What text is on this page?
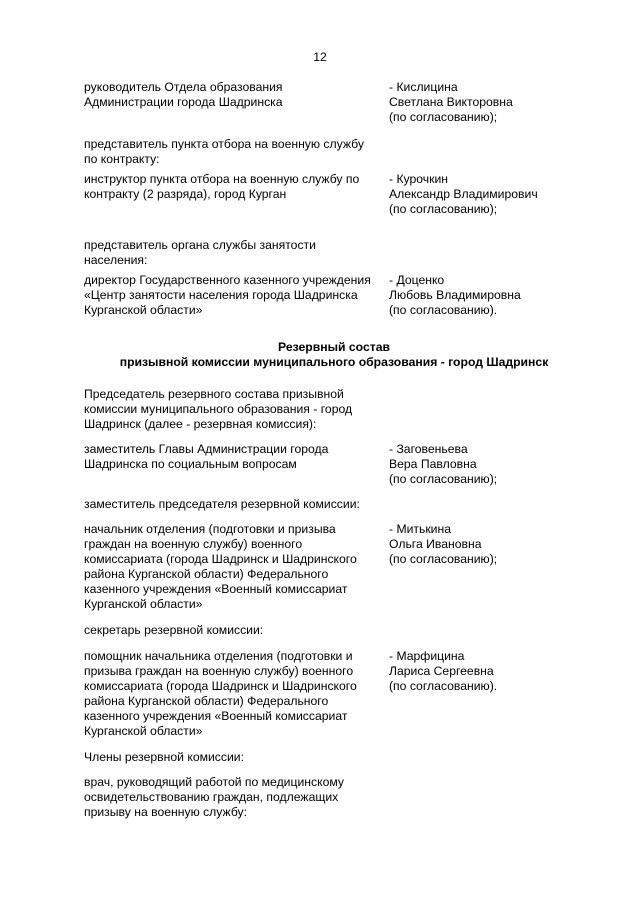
12
руководитель Отдела образования
Администрации города Шадринска
- Кислицина
Светлана Викторовна
(по согласованию);
представитель пункта отбора на военную службу
по контракту:
инструктор пункта отбора на военную службу по
контракту (2 разряда), город Курган
- Курочкин
Александр Владимирович
(по согласованию);
представитель органа службы занятости
населения:
директор Государственного казенного учреждения
«Центр занятости населения города Шадринска
Курганской области»
- Доценко
Любовь Владимировна
(по согласованию).
Резервный состав
призывной комиссии муниципального образования - город Шадринск
Председатель резервного состава призывной
комиссии муниципального образования - город
Шадринск (далее - резервная комиссия):
заместитель Главы Администрации города
Шадринска по социальным вопросам
- Заговеньева
Вера Павловна
(по согласованию);
заместитель председателя резервной комиссии:
начальник отделения (подготовки и призыва
граждан на военную службу) военного
комиссариата (города Шадринск и Шадринского
района Курганской области) Федерального
казенного учреждения «Военный комиссариат
Курганской области»
- Митькина
Ольга Ивановна
(по согласованию);
секретарь резервной комиссии:
помощник начальника отделения (подготовки и
призыва граждан на военную службу) военного
комиссариата (города Шадринск и Шадринского
района Курганской области) Федерального
казенного учреждения «Военный комиссариат
Курганской области»
- Марфицина
Лариса Сергеевна
(по согласованию).
Члены резервной комиссии:
врач, руководящий работой по медицинскому
освидетельствованию граждан, подлежащих
призыву на военную службу:
